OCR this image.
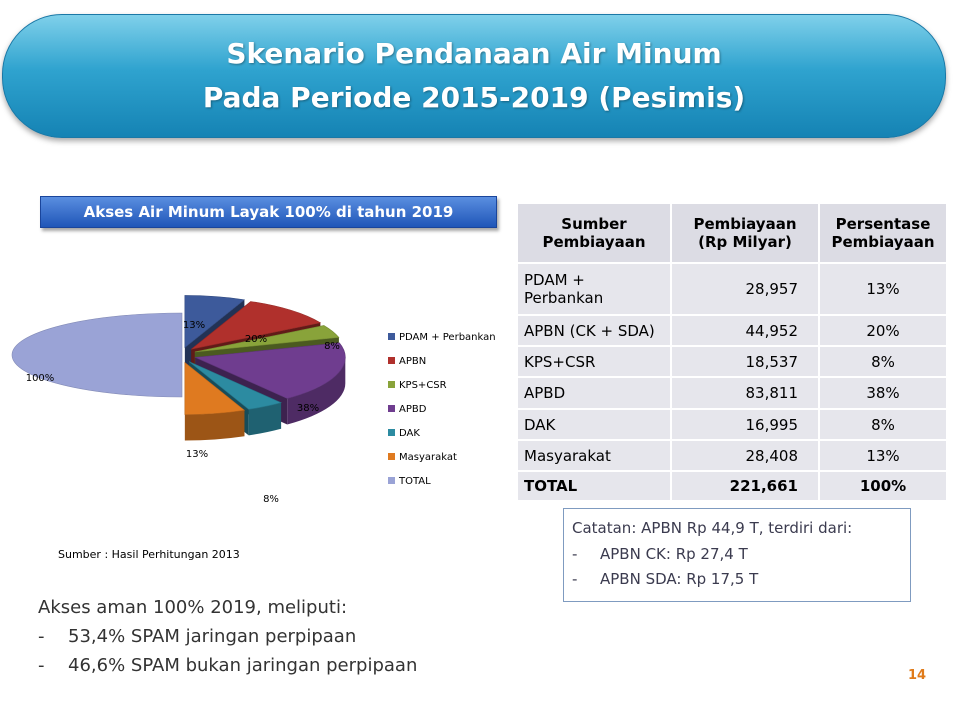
Skenario Pendanaan Air Minum
Pada Periode 2015-2019 (Pesimis)
Akses Air Minum Layak 100% di tahun 2019
13%
20%
8%
38%
8%
13%
100%
PDAM + Perbankan
APBN
KPS+CSR
APBD
DAK
Masyarakat
TOTAL
Sumber : Hasil Perhitungan 2013
Sumber Pembiayaan	Pembiayaan (Rp Milyar)	Persentase Pembiayaan
PDAM + Perbankan	28,957	13%
APBN (CK + SDA)	44,952	20%
KPS+CSR	18,537	8%
APBD	83,811	38%
DAK	16,995	8%
Masyarakat	28,408	13%
TOTAL	221,661	100%
Catatan: APBN Rp 44,9 T, terdiri dari:
- APBN CK: Rp 27,4 T
- APBN SDA: Rp 17,5 T
Akses aman 100% 2019, meliputi:
- 53,4% SPAM jaringan perpipaan
- 46,6% SPAM bukan jaringan perpipaan	14
